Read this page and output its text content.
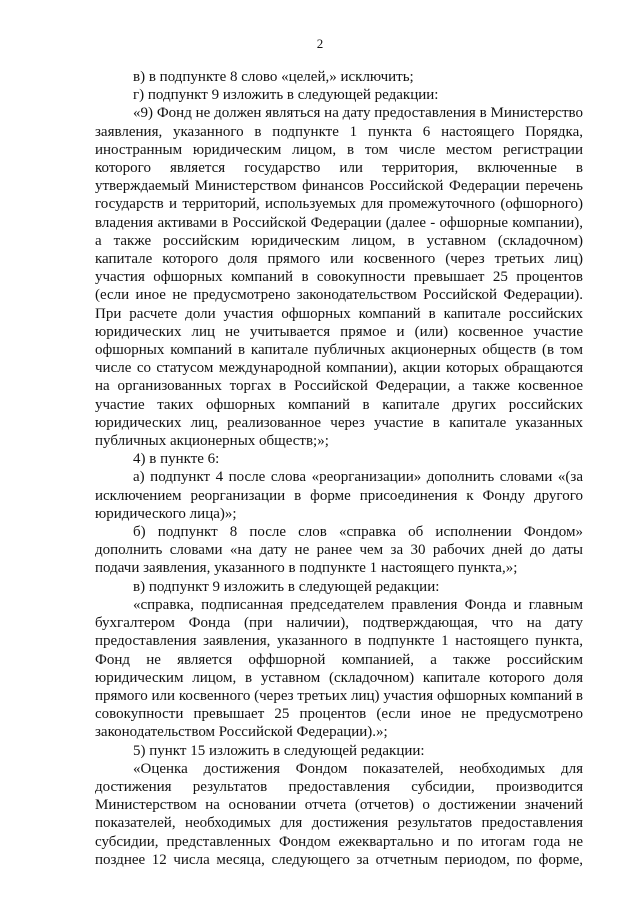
2

в) в подпункте 8 слово «целей,» исключить;

г) подпункт 9 изложить в следующей редакции:

«9) Фонд не должен являться на дату предоставления в Министерство заявления, указанного в подпункте 1 пункта 6 настоящего Порядка, иностранным юридическим лицом, в том числе местом регистрации которого является государство или территория, включенные в утверждаемый Министерством финансов Российской Федерации перечень государств и территорий, используемых для промежуточного (офшорного) владения активами в Российской Федерации (далее - офшорные компании), а также российским юридическим лицом, в уставном (складочном) капитале которого доля прямого или косвенного (через третьих лиц) участия офшорных компаний в совокупности превышает 25 процентов (если иное не предусмотрено законодательством Российской Федерации). При расчете доли участия офшорных компаний в капитале российских юридических лиц не учитывается прямое и (или) косвенное участие офшорных компаний в капитале публичных акционерных обществ (в том числе со статусом международной компании), акции которых обращаются на организованных торгах в Российской Федерации, а также косвенное участие таких офшорных компаний в капитале других российских юридических лиц, реализованное через участие в капитале указанных публичных акционерных обществ;»;

4) в пункте 6:

а) подпункт 4 после слова «реорганизации» дополнить словами «(за исключением реорганизации в форме присоединения к Фонду другого юридического лица)»;

б) подпункт 8 после слов «справка об исполнении Фондом» дополнить словами «на дату не ранее чем за 30 рабочих дней до даты подачи заявления, указанного в подпункте 1 настоящего пункта,»;

в) подпункт 9 изложить в следующей редакции:

«справка, подписанная председателем правления Фонда и главным бухгалтером Фонда (при наличии), подтверждающая, что на дату предоставления заявления, указанного в подпункте 1 настоящего пункта, Фонд не является оффшорной компанией, а также российским юридическим лицом, в уставном (складочном) капитале которого доля прямого или косвенного (через третьих лиц) участия офшорных компаний в совокупности превышает 25 процентов (если иное не предусмотрено законодательством Российской Федерации).»;

5) пункт 15 изложить в следующей редакции:

«Оценка достижения Фондом показателей, необходимых для достижения результатов предоставления субсидии, производится Министерством на основании отчета (отчетов) о достижении значений показателей, необходимых для достижения результатов предоставления субсидии, представленных Фондом ежеквартально и по итогам года не позднее 12 числа месяца, следующего за отчетным периодом, по форме,
